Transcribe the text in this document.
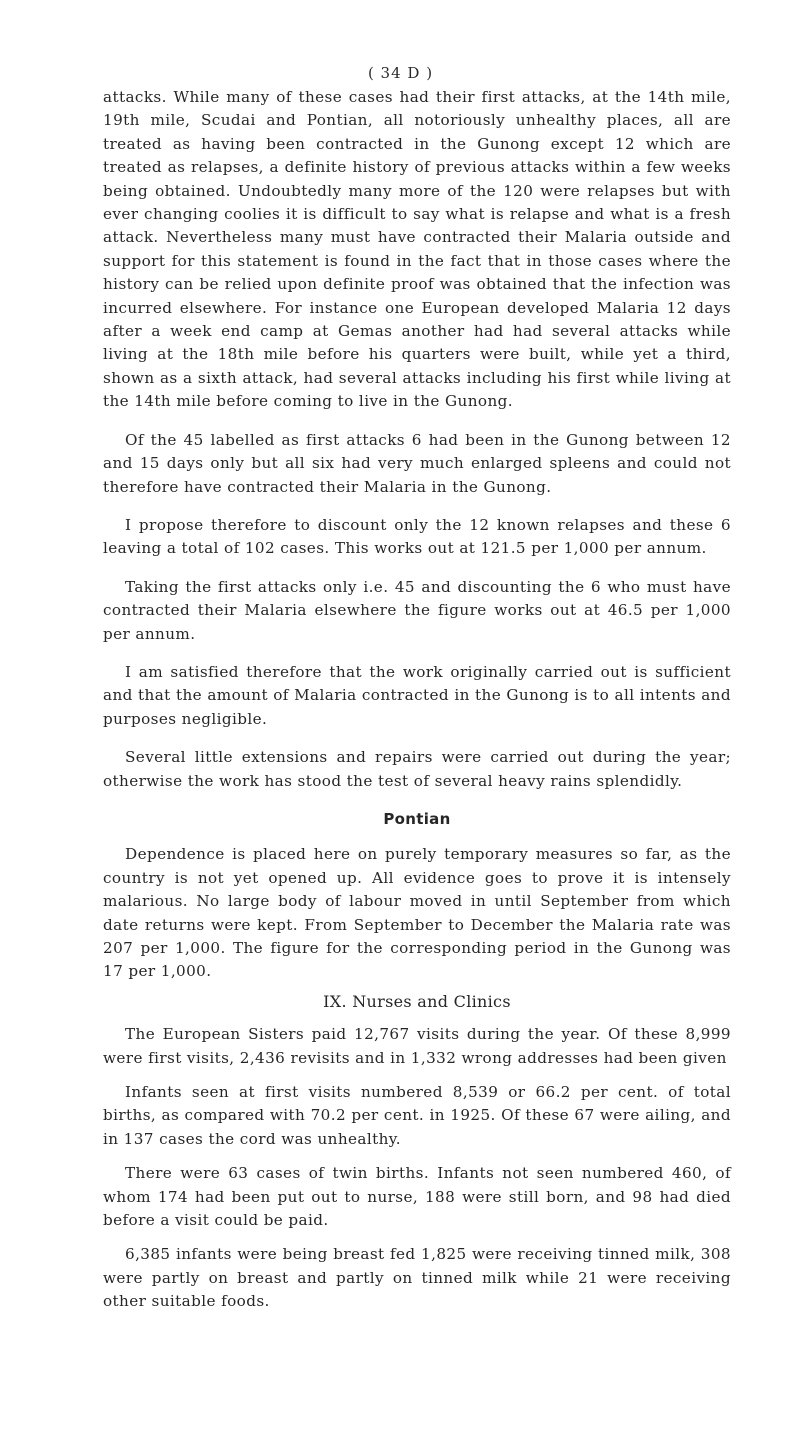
( 34 D )

attacks. While many of these cases had their first attacks, at the 14th mile, 19th mile, Scudai and Pontian, all notoriously unhealthy places, all are treated as having been contracted in the Gunong except 12 which are treated as relapses, a definite history of previous attacks within a few weeks being obtained. Undoubtedly many more of the 120 were relapses but with ever changing coolies it is difficult to say what is relapse and what is a fresh attack. Nevertheless many must have contracted their Malaria outside and support for this statement is found in the fact that in those cases where the history can be relied upon definite proof was obtained that the infection was incurred elsewhere. For instance one European developed Malaria 12 days after a week end camp at Gemas another had had several attacks while living at the 18th mile before his quarters were built, while yet a third, shown as a sixth attack, had several attacks including his first while living at the 14th mile before coming to live in the Gunong.

Of the 45 labelled as first attacks 6 had been in the Gunong between 12 and 15 days only but all six had very much enlarged spleens and could not therefore have contracted their Malaria in the Gunong.

I propose therefore to discount only the 12 known relapses and these 6 leaving a total of 102 cases. This works out at 121.5 per 1,000 per annum.

Taking the first attacks only i.e. 45 and discounting the 6 who must have contracted their Malaria elsewhere the figure works out at 46.5 per 1,000 per annum.

I am satisfied therefore that the work originally carried out is sufficient and that the amount of Malaria contracted in the Gunong is to all intents and purposes negligible.

Several little extensions and repairs were carried out during the year; otherwise the work has stood the test of several heavy rains splendidly.

Pontian

Dependence is placed here on purely temporary measures so far, as the country is not yet opened up. All evidence goes to prove it is intensely malarious. No large body of labour moved in until September from which date returns were kept. From September to December the Malaria rate was 207 per 1,000. The figure for the corresponding period in the Gunong was 17 per 1,000.

IX. Nurses and Clinics

The European Sisters paid 12,767 visits during the year. Of these 8,999 were first visits, 2,436 revisits and in 1,332 wrong addresses had been given

Infants seen at first visits numbered 8,539 or 66.2 per cent. of total births, as compared with 70.2 per cent. in 1925. Of these 67 were ailing, and in 137 cases the cord was unhealthy.

There were 63 cases of twin births. Infants not seen numbered 460, of whom 174 had been put out to nurse, 188 were still born, and 98 had died before a visit could be paid.

6,385 infants were being breast fed 1,825 were receiving tinned milk, 308 were partly on breast and partly on tinned milk while 21 were receiving other suitable foods.
